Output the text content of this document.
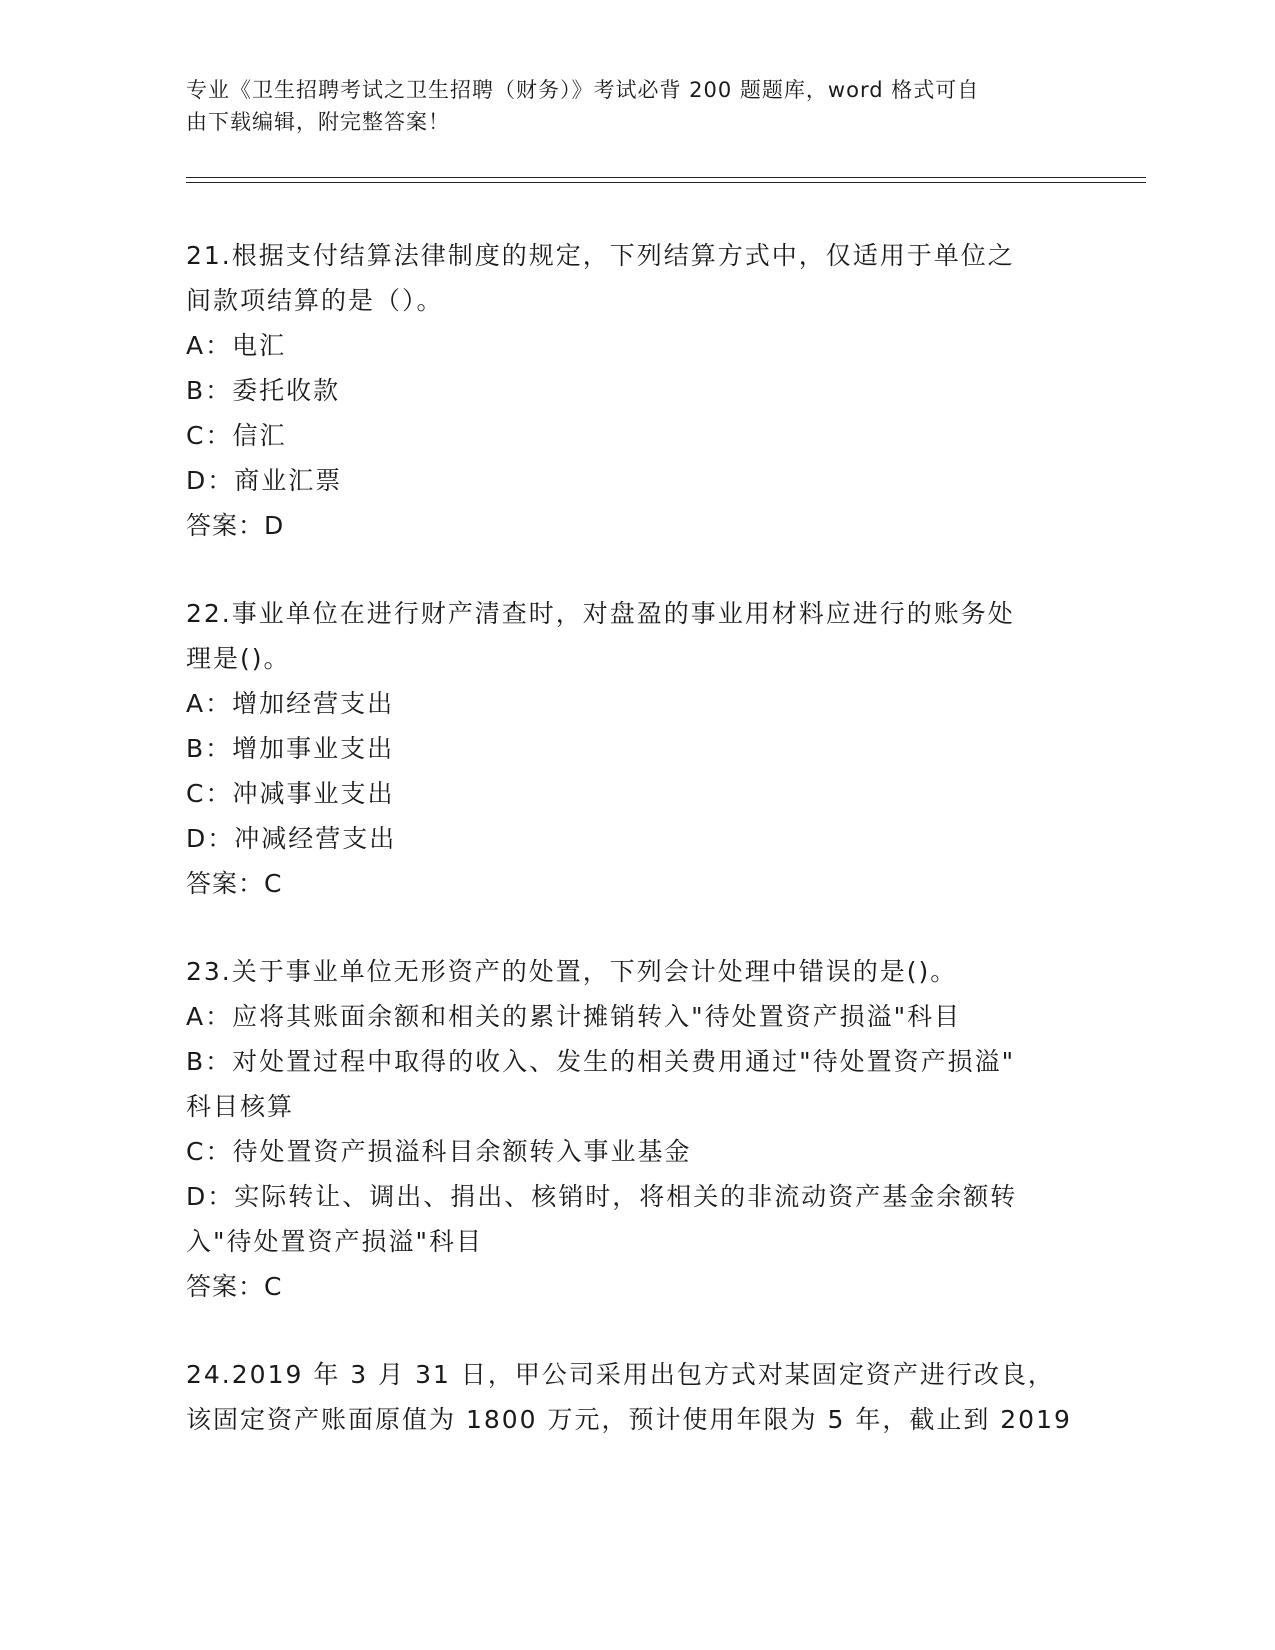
专业《卫生招聘考试之卫生招聘（财务）》考试必背 200 题题库，word 格式可自
由下载编辑，附完整答案！
21.根据支付结算法律制度的规定，下列结算方式中，仅适用于单位之
间款项结算的是（）。
A：电汇
B：委托收款
C：信汇
D：商业汇票
答案：D
22.事业单位在进行财产清查时，对盘盈的事业用材料应进行的账务处
理是()。
A：增加经营支出
B：增加事业支出
C：冲减事业支出
D：冲减经营支出
答案：C
23.关于事业单位无形资产的处置，下列会计处理中错误的是()。
A：应将其账面余额和相关的累计摊销转入"待处置资产损溢"科目
B：对处置过程中取得的收入、发生的相关费用通过"待处置资产损溢"
科目核算
C：待处置资产损溢科目余额转入事业基金
D：实际转让、调出、捐出、核销时，将相关的非流动资产基金余额转
入"待处置资产损溢"科目
答案：C
24.2019 年 3 月 31 日，甲公司采用出包方式对某固定资产进行改良，
该固定资产账面原值为 1800 万元，预计使用年限为 5 年，截止到 2019
